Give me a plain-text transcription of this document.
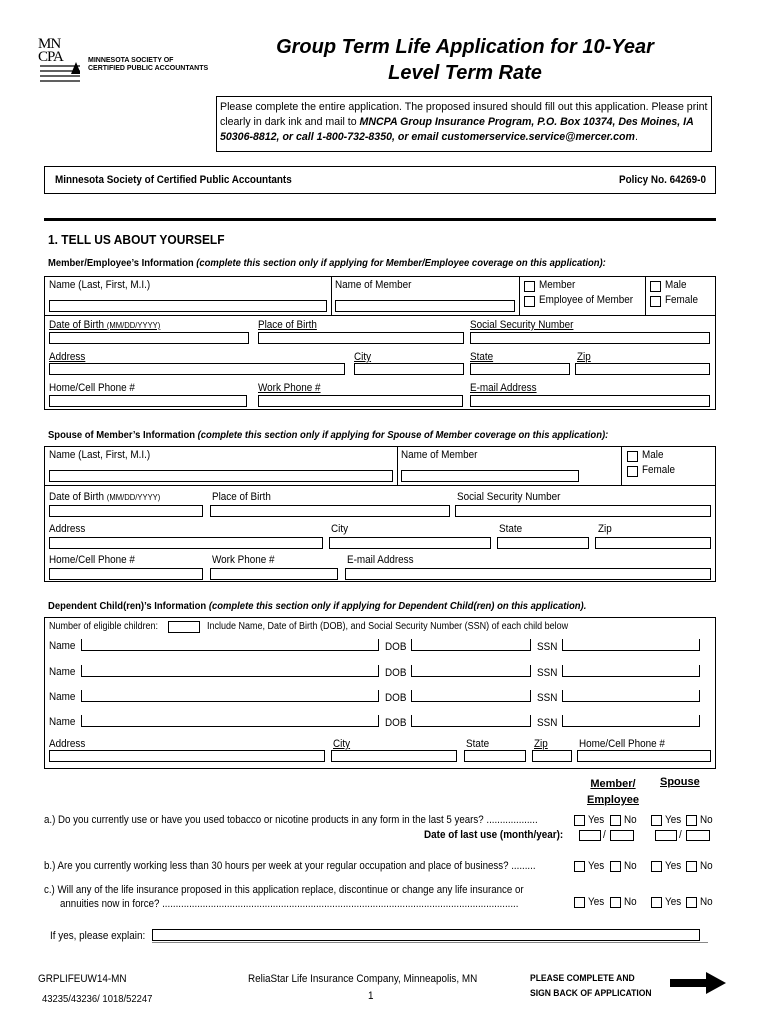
MN CPA	MINNESOTA SOCIETY OF
CERTIFIED PUBLIC ACCOUNTANTS
Group Term Life Application for 10-Year
Level Term Rate
Please complete the entire application. The proposed insured should fill out this application. Please print clearly in dark ink and mail to MNCPA Group Insurance Program, P.O. Box 10374, Des Moines, IA 50306-8812, or call 1-800-732-8350, or email customerservice.service@mercer.com.
Minnesota Society of Certified Public Accountants	Policy No. 64269-0
1. TELL US ABOUT YOURSELF
Member/Employee’s Information (complete this section only if applying for Member/Employee coverage on this application):
Name (Last, First, M.I.)	Name of Member	Member
Employee of Member
Male
Female
Date of Birth (MM/DD/YYYY)	Place of Birth	Social Security Number
Address	City	State	Zip
Home/Cell Phone #	Work Phone #	E-mail Address
Spouse of Member’s Information (complete this section only if applying for Spouse of Member coverage on this application):
Name (Last, First, M.I.)	Name of Member	Male
Female
Date of Birth (MM/DD/YYYY)	Place of Birth	Social Security Number
Address	City	State	Zip
Home/Cell Phone #	Work Phone #	E-mail Address
Dependent Child(ren)’s Information (complete this section only if applying for Dependent Child(ren) on this application).
Number of eligible children:	Include Name, Date of Birth (DOB), and Social Security Number (SSN) of each child below
Name	DOB	SSN
Name	DOB	SSN
Name	DOB	SSN
Name	DOB	SSN
Address	City	State	Zip	Home/Cell Phone #
Member/ Employee
Spouse
a.) Do you currently use or have you used tobacco or nicotine products in any form in the last 5 years? ...................	Yes No	Yes No
Date of last use (month/year):	/	/
b.) Are you currently working less than 30 hours per week at your regular occupation and place of business? .........	Yes No	Yes No
c.) Will any of the life insurance proposed in this application replace, discontinue or change any life insurance or
annuities now in force? ....................................................................................................................................	Yes No	Yes No
If yes, please explain:
GRPLIFEUW14-MN
43235/43236/ 1018/52247
ReliaStar Life Insurance Company, Minneapolis, MN
1
PLEASE COMPLETE AND
SIGN BACK OF APPLICATION
